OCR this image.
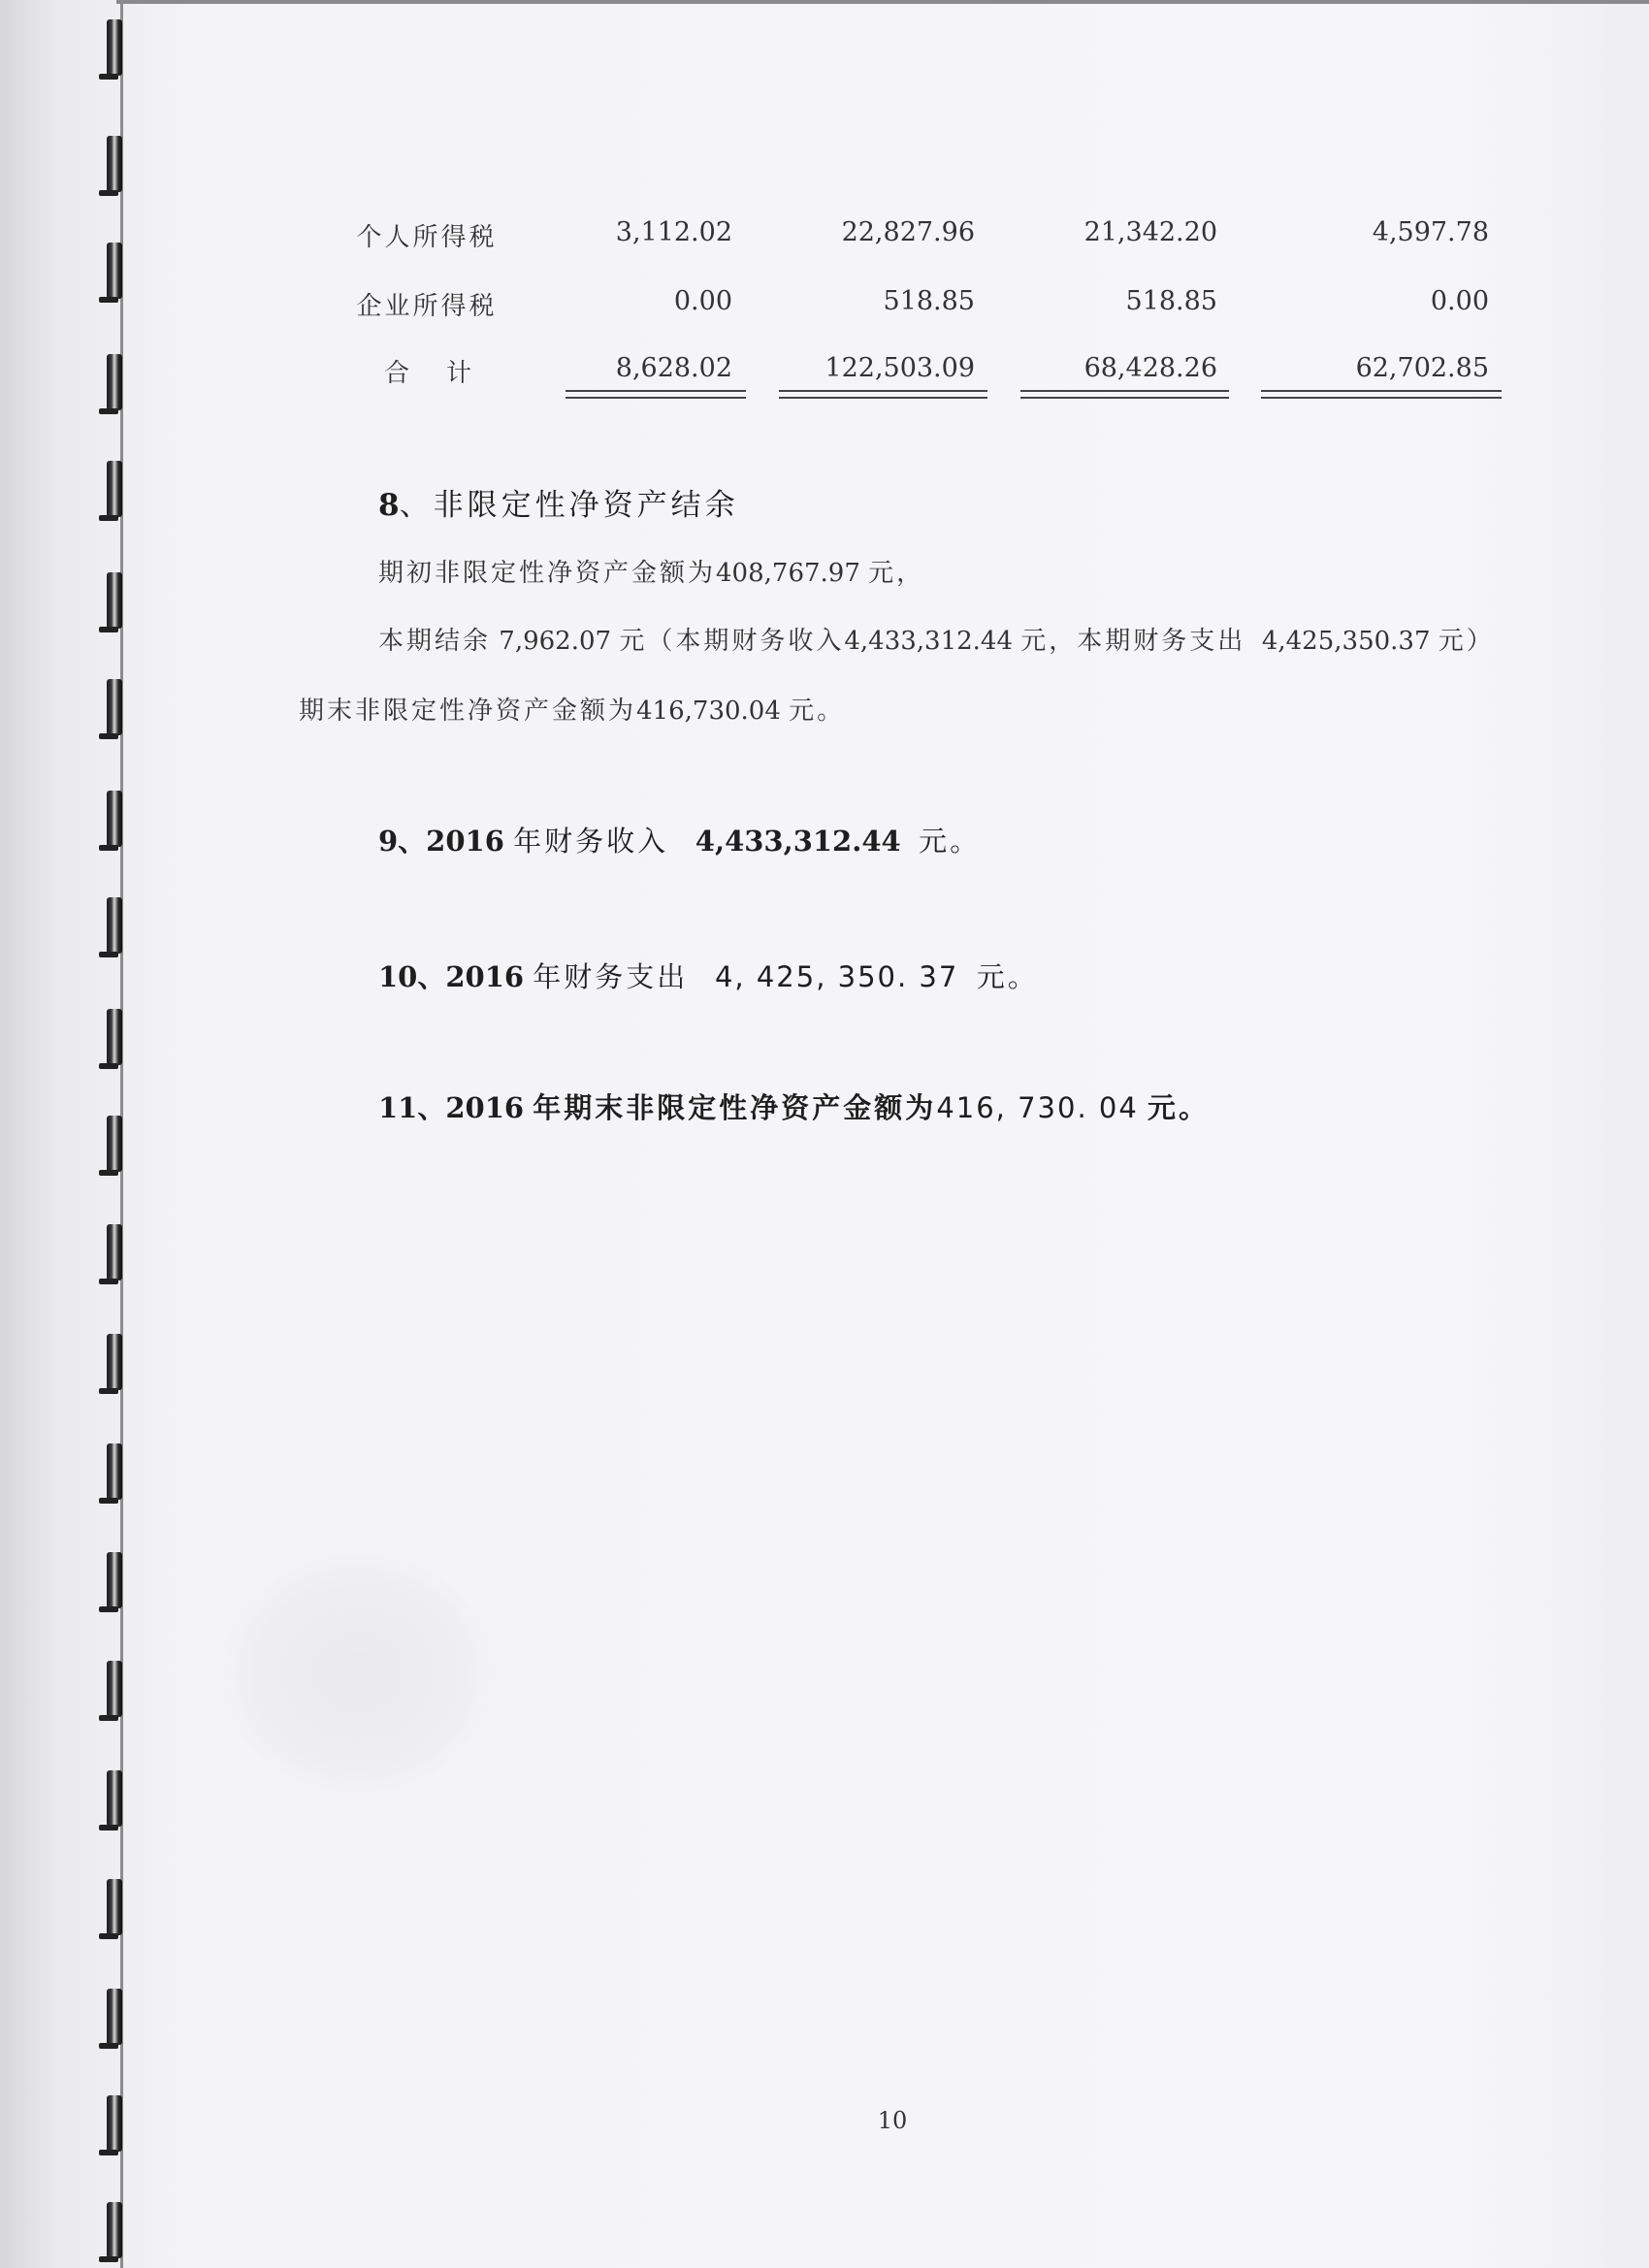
个人所得税	3,112.02	22,827.96	21,342.20	4,597.78
企业所得税	0.00	518.85	518.85	0.00
合计	8,628.02	122,503.09	68,428.26	62,702.85
8、非限定性净资产结余
期初非限定性净资产金额为408,767.97 元，
本期结余 7,962.07 元（本期财务收入4,433,312.44 元，本期财务支出 4,425,350.37 元）
期末非限定性净资产金额为416,730.04 元。
9、2016 年财务收入 4,433,312.44 元。
10、2016 年财务支出 4, 425, 350. 37 元。
11、2016 年期末非限定性净资产金额为416, 730. 04 元。
10
